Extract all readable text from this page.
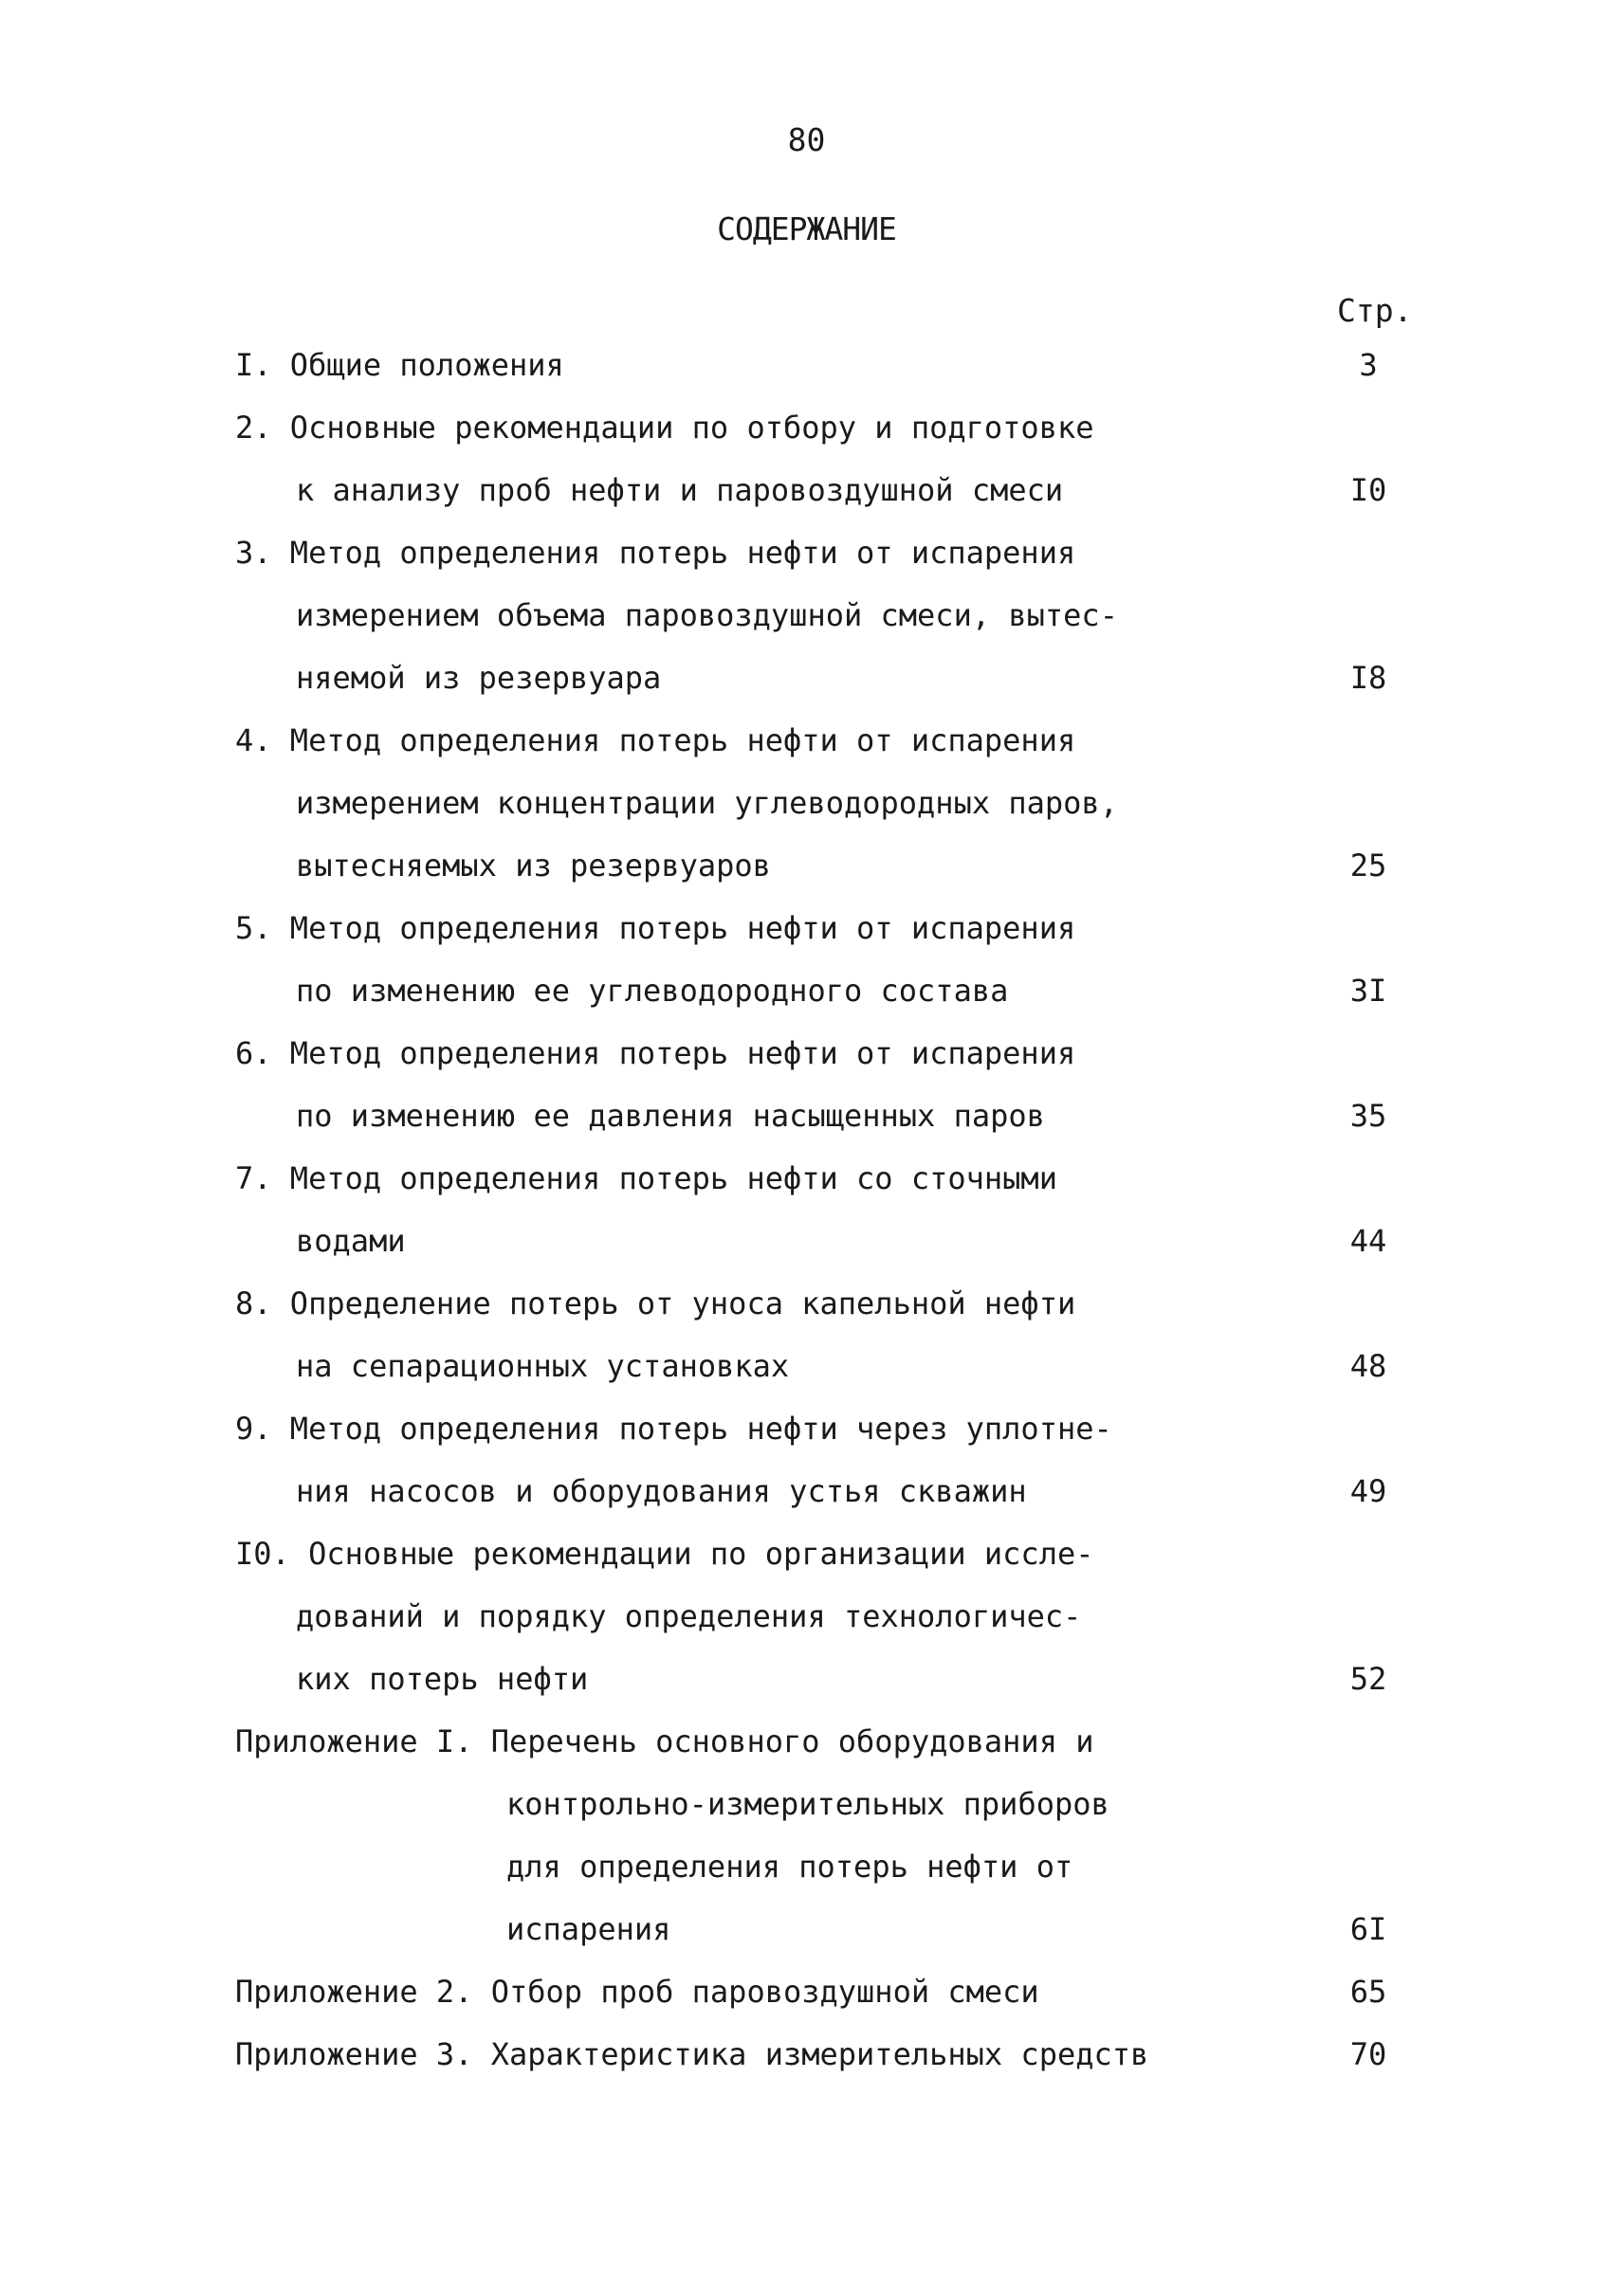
80
СОДЕРЖАНИЕ
Стр.
I. Общие положения	3
2. Основные рекомендации по отбору и подготовке
к анализу проб нефти и паровоздушной смеси	I0
3. Метод определения потерь нефти от испарения
измерением объема паровоздушной смеси, вытес-
няемой из резервуара	I8
4. Метод определения потерь нефти от испарения
измерением концентрации углеводородных паров,
вытесняемых из резервуаров	25
5. Метод определения потерь нефти от испарения
по изменению ее углеводородного состава	3I
6. Метод определения потерь нефти от испарения
по изменению ее давления насыщенных паров	35
7. Метод определения потерь нефти со сточными
водами	44
8. Определение потерь от уноса капельной нефти
на сепарационных установках	48
9. Метод определения потерь нефти через уплотне-
ния насосов и оборудования устья скважин	49
I0. Основные рекомендации по организации иссле-
дований и порядку определения технологичес-
ких потерь нефти	52
Приложение I. Перечень основного оборудования и
контрольно-измерительных приборов
для определения потерь нефти от
испарения	6I
Приложение 2. Отбор проб паровоздушной смеси	65
Приложение 3. Характеристика измерительных средств	70
